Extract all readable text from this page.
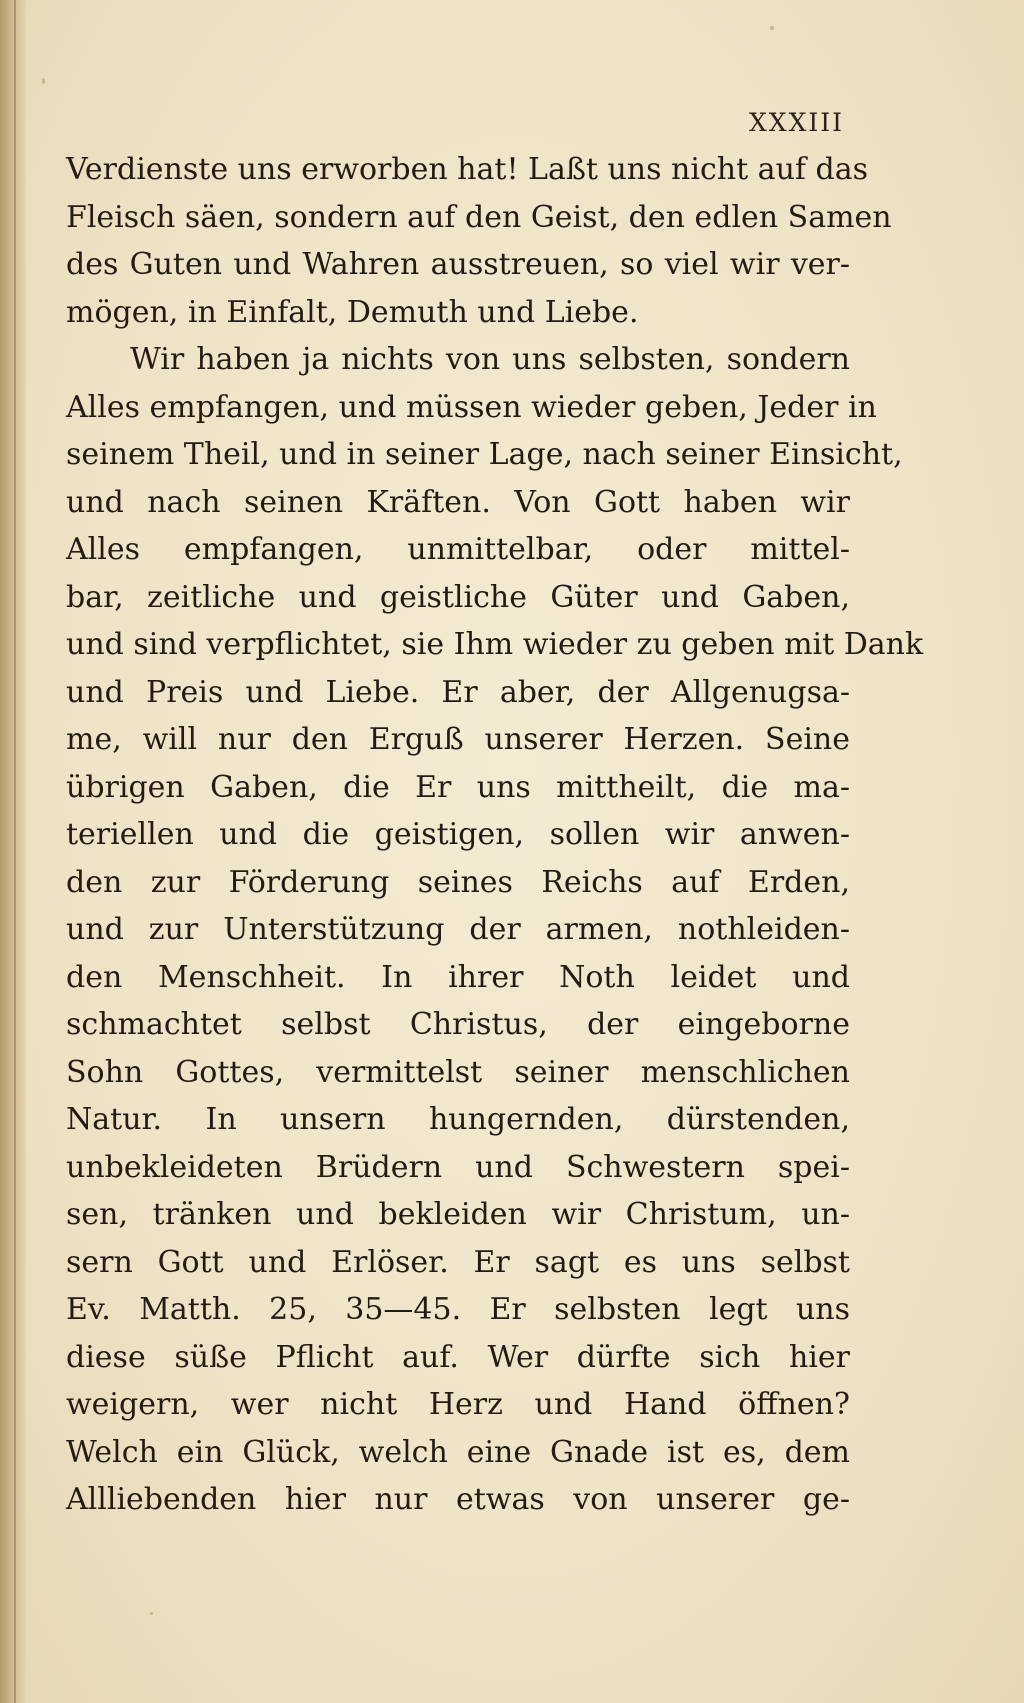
XXXIII
Verdienste uns erworben hat! Laßt uns nicht auf das
Fleisch säen, sondern auf den Geist, den edlen Samen
des Guten und Wahren ausstreuen, so viel wir ver-
mögen, in Einfalt, Demuth und Liebe.
Wir haben ja nichts von uns selbsten, sondern
Alles empfangen, und müssen wieder geben, Jeder in
seinem Theil, und in seiner Lage, nach seiner Einsicht,
und nach seinen Kräften. Von Gott haben wir
Alles empfangen, unmittelbar, oder mittel-
bar, zeitliche und geistliche Güter und Gaben,
und sind verpflichtet, sie Ihm wieder zu geben mit Dank
und Preis und Liebe. Er aber, der Allgenugsa-
me, will nur den Erguß unserer Herzen. Seine
übrigen Gaben, die Er uns mittheilt, die ma-
teriellen und die geistigen, sollen wir anwen-
den zur Förderung seines Reichs auf Erden,
und zur Unterstützung der armen, nothleiden-
den Menschheit. In ihrer Noth leidet und
schmachtet selbst Christus, der eingeborne
Sohn Gottes, vermittelst seiner menschlichen
Natur. In unsern hungernden, dürstenden,
unbekleideten Brüdern und Schwestern spei-
sen, tränken und bekleiden wir Christum, un-
sern Gott und Erlöser. Er sagt es uns selbst
Ev. Matth. 25, 35—45. Er selbsten legt uns
diese süße Pflicht auf. Wer dürfte sich hier
weigern, wer nicht Herz und Hand öffnen?
Welch ein Glück, welch eine Gnade ist es, dem
Allliebenden hier nur etwas von unserer ge-
